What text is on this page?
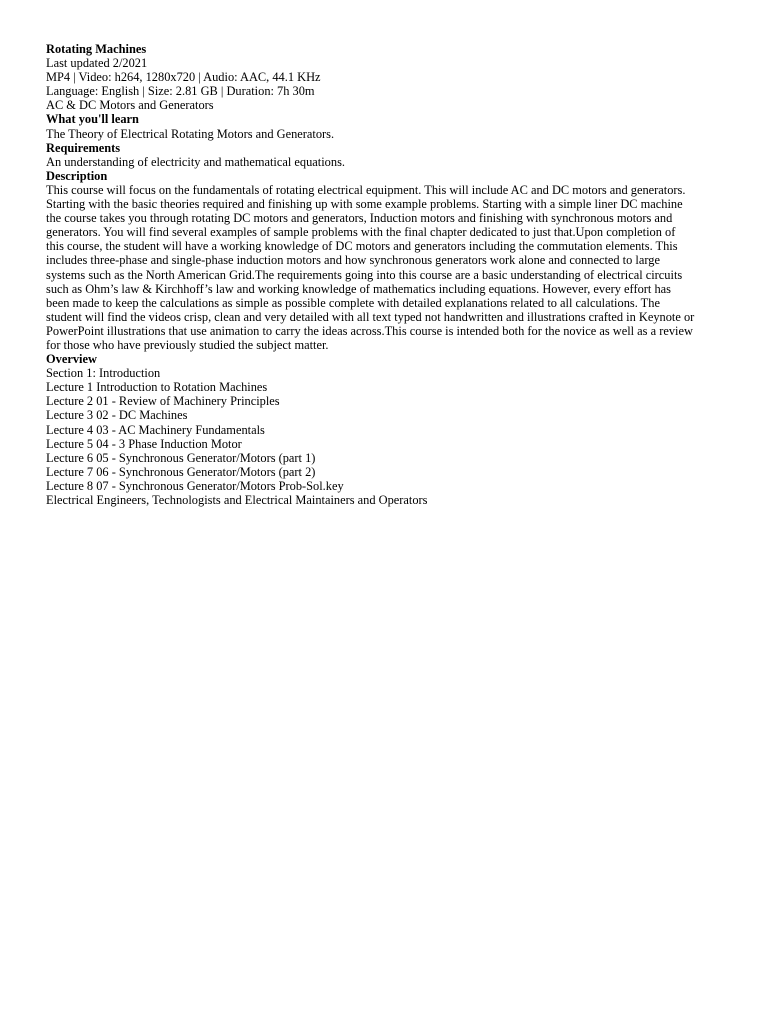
Rotating Machines
Last updated 2/2021
MP4 | Video: h264, 1280x720 | Audio: AAC, 44.1 KHz
Language: English | Size: 2.81 GB | Duration: 7h 30m
AC & DC Motors and Generators
What you'll learn
The Theory of Electrical Rotating Motors and Generators.
Requirements
An understanding of electricity and mathematical equations.
Description
This course will focus on the fundamentals of rotating electrical equipment. This will include AC and DC motors and generators.
Starting with the basic theories required and finishing up with some example problems. Starting with a simple liner DC machine
the course takes you through rotating DC motors and generators, Induction motors and finishing with synchronous motors and
generators. You will find several examples of sample problems with the final chapter dedicated to just that.Upon completion of
this course, the student will have a working knowledge of DC motors and generators including the commutation elements. This
includes three-phase and single-phase induction motors and how synchronous generators work alone and connected to large
systems such as the North American Grid.The requirements going into this course are a basic understanding of electrical circuits
such as Ohm’s law & Kirchhoff’s law and working knowledge of mathematics including equations. However, every effort has
been made to keep the calculations as simple as possible complete with detailed explanations related to all calculations. The
student will find the videos crisp, clean and very detailed with all text typed not handwritten and illustrations crafted in Keynote or
PowerPoint illustrations that use animation to carry the ideas across.This course is intended both for the novice as well as a review
for those who have previously studied the subject matter.
Overview
Section 1: Introduction
Lecture 1 Introduction to Rotation Machines
Lecture 2 01 - Review of Machinery Principles
Lecture 3 02 - DC Machines
Lecture 4 03 - AC Machinery Fundamentals
Lecture 5 04 - 3 Phase Induction Motor
Lecture 6 05 - Synchronous Generator/Motors (part 1)
Lecture 7 06 - Synchronous Generator/Motors (part 2)
Lecture 8 07 - Synchronous Generator/Motors Prob-Sol.key
Electrical Engineers, Technologists and Electrical Maintainers and Operators
